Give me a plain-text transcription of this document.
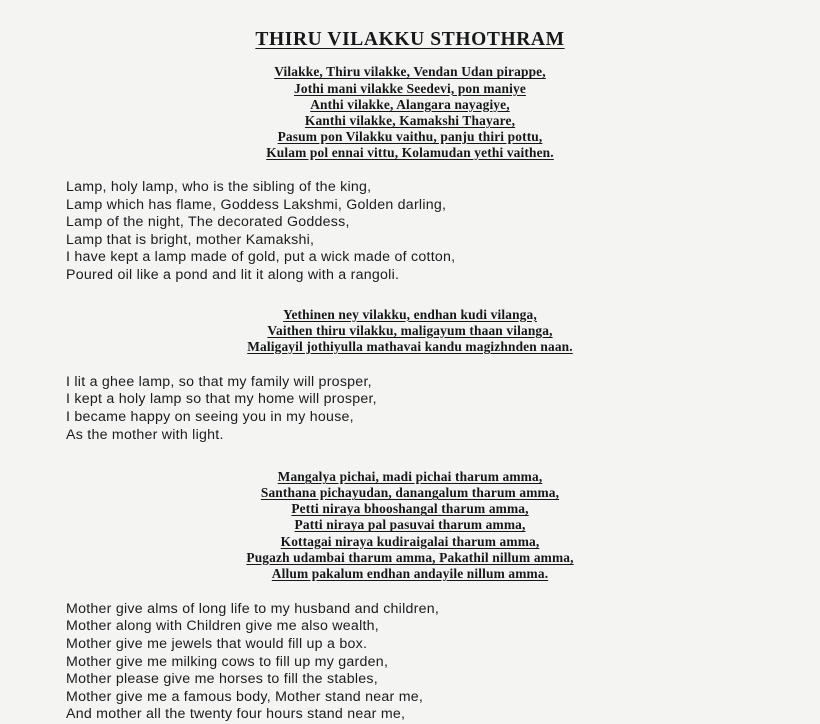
THIRU VILAKKU STHOTHRAM
Vilakke, Thiru vilakke, Vendan Udan pirappe,
Jothi mani vilakke Seedevi, pon maniye
Anthi vilakke, Alangara nayagiye,
Kanthi vilakke, Kamakshi Thayare,
Pasum pon Vilakku vaithu, panju thiri pottu,
Kulam pol ennai vittu, Kolamudan yethi vaithen.
Lamp, holy lamp, who is the sibling of the king,
Lamp which has flame, Goddess Lakshmi, Golden darling,
Lamp of the night, The decorated Goddess,
Lamp that is bright, mother Kamakshi,
I have kept a lamp made of gold, put a wick made of cotton,
Poured oil like a pond and lit it along with a rangoli.
Yethinen ney vilakku, endhan kudi vilanga,
Vaithen thiru vilakku, maligayum thaan vilanga,
Maligayil jothiyulla mathavai kandu magizhnden naan.
I lit a ghee lamp, so that my family will prosper,
I kept a holy lamp so that my home will prosper,
I became happy on seeing you in my house,
As the mother with light.
Mangalya pichai, madi pichai tharum amma,
Santhana pichayudan, danangalum tharum amma,
Petti niraya bhooshangal tharum amma,
Patti niraya pal pasuvai tharum amma,
Kottagai niraya kudiraigalai tharum amma,
Pugazh udambai tharum amma, Pakathil nillum amma,
Allum pakalum endhan andayile nillum amma.
Mother give alms of long life to my husband and children,
Mother along with Children give me also wealth,
Mother give me jewels that would fill up a box.
Mother give me milking cows to fill up my garden,
Mother please give me horses to fill the stables,
Mother give me a famous body, Mother stand near me,
And mother all the twenty four hours stand near me,
